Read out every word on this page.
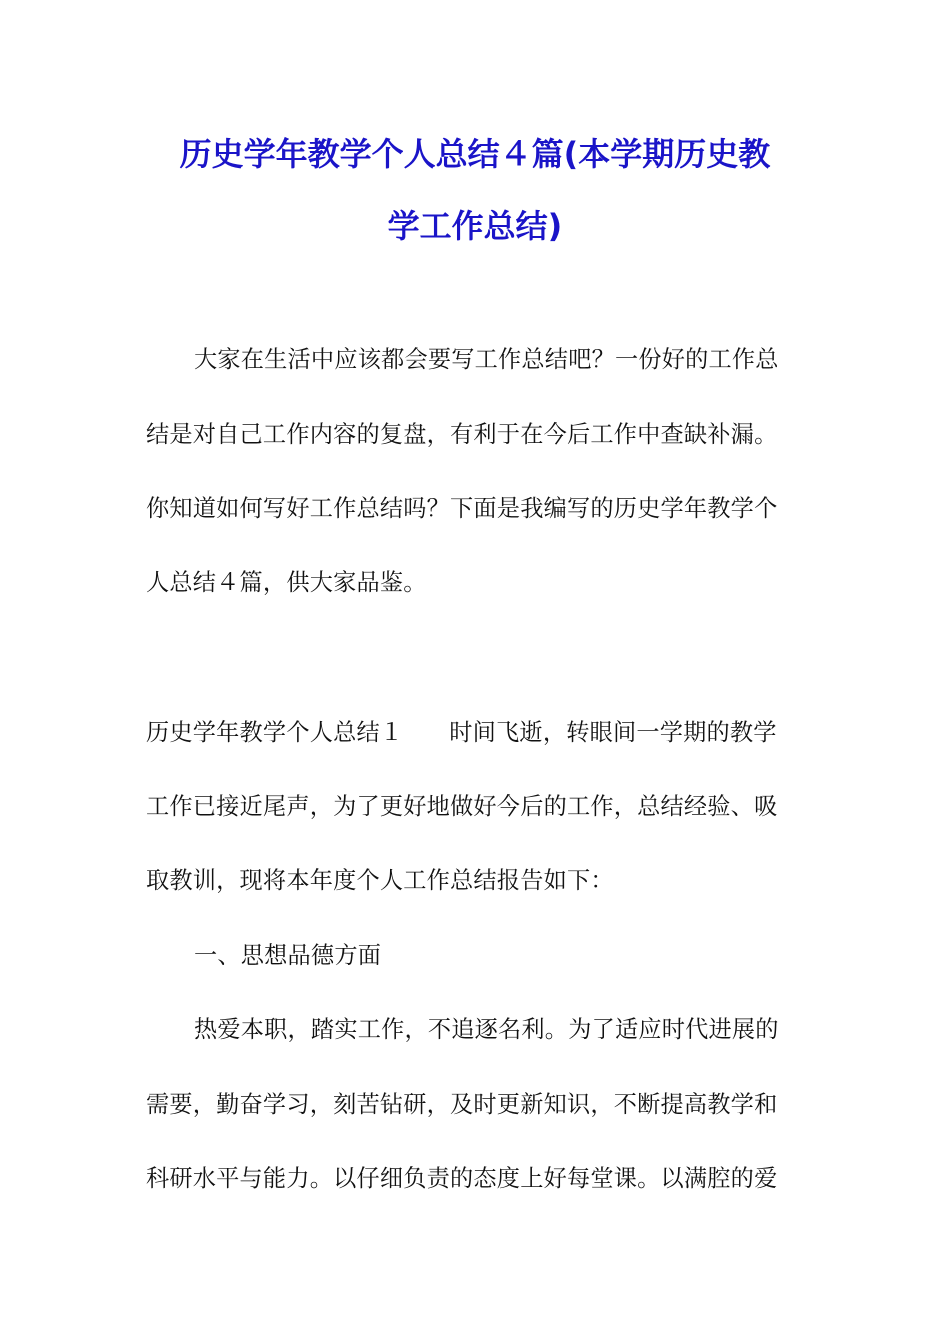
历史学年教学个人总结４篇(本学期历史教
学工作总结)
大家在生活中应该都会要写工作总结吧？一份好的工作总
结是对自己工作内容的复盘，有利于在今后工作中查缺补漏。
你知道如何写好工作总结吗？下面是我编写的历史学年教学个
人总结４篇，供大家品鉴。
历史学年教学个人总结１ 时间飞逝，转眼间一学期的教学
工作已接近尾声，为了更好地做好今后的工作，总结经验、吸
取教训，现将本年度个人工作总结报告如下：
一、思想品德方面
热爱本职，踏实工作，不追逐名利。为了适应时代进展的
需要，勤奋学习，刻苦钻研，及时更新知识，不断提高教学和
科研水平与能力。以仔细负责的态度上好每堂课。以满腔的爱
